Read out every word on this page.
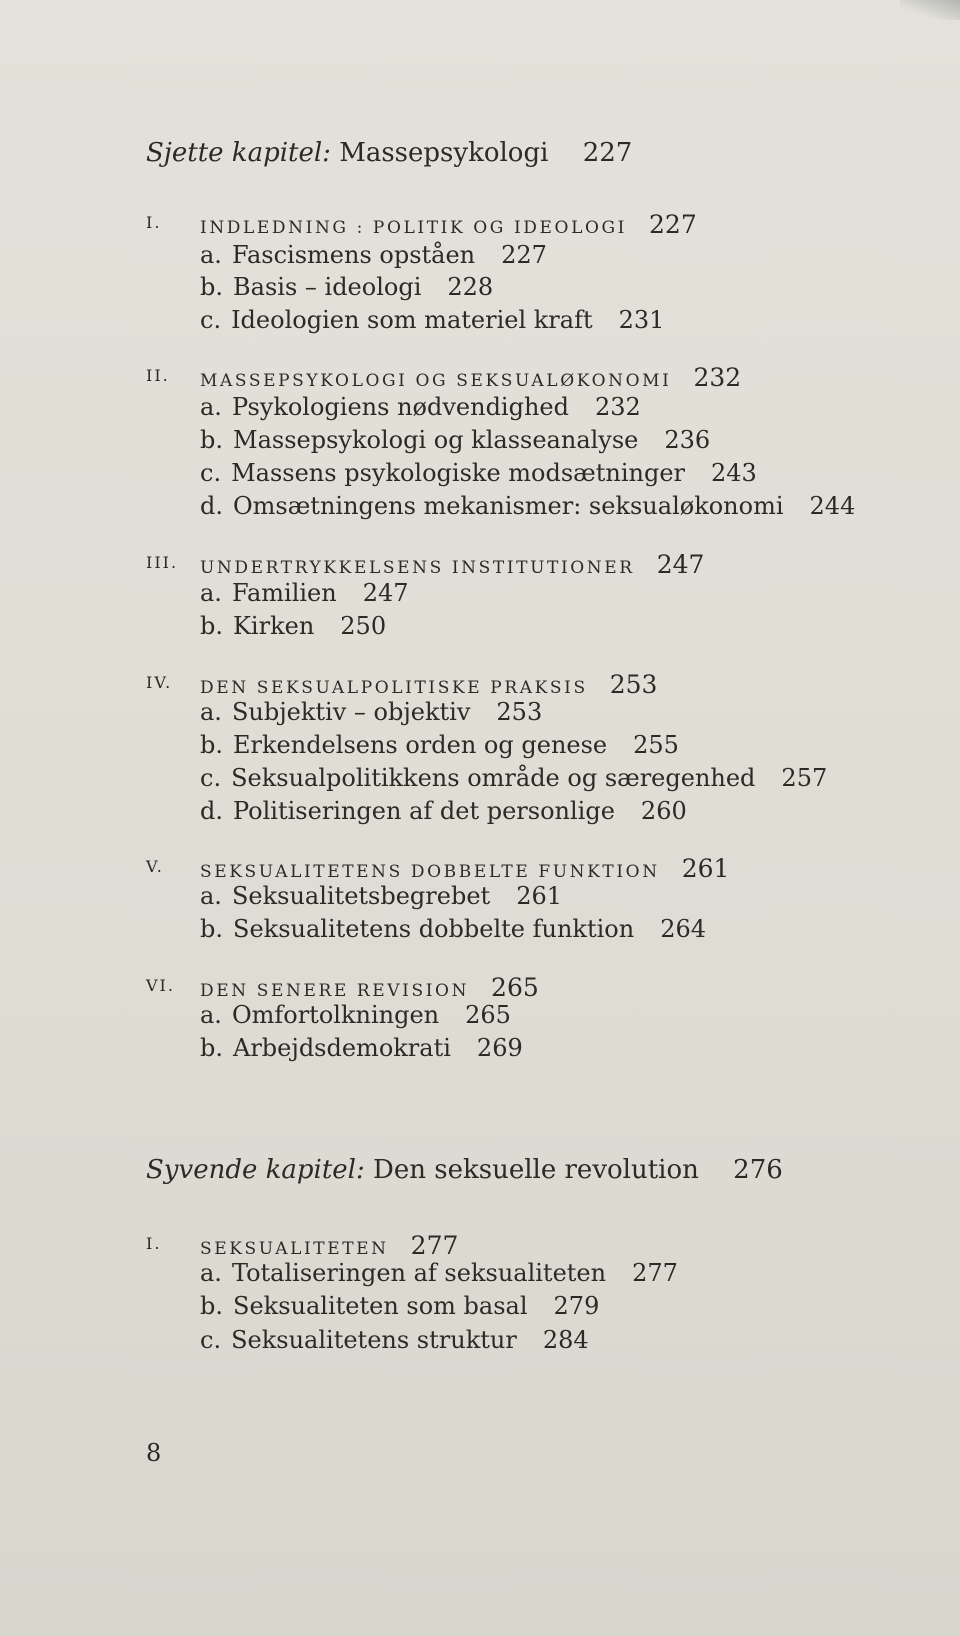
Sjette kapitel: Massepsykologi 227
I. INDLEDNING : POLITIK OG IDEOLOGI 227
a. Fascismens opståen 227
b. Basis – ideologi 228
c. Ideologien som materiel kraft 231
II. MASSEPSYKOLOGI OG SEKSUALØKONOMI 232
a. Psykologiens nødvendighed 232
b. Massepsykologi og klasseanalyse 236
c. Massens psykologiske modsætninger 243
d. Omsætningens mekanismer: seksualøkonomi 244
III. UNDERTRYKKELSENS INSTITUTIONER 247
a. Familien 247
b. Kirken 250
IV. DEN SEKSUALPOLITISKE PRAKSIS 253
a. Subjektiv – objektiv 253
b. Erkendelsens orden og genese 255
c. Seksualpolitikkens område og særegenhed 257
d. Politiseringen af det personlige 260
V. SEKSUALITETENS DOBBELTE FUNKTION 261
a. Seksualitetsbegrebet 261
b. Seksualitetens dobbelte funktion 264
VI. DEN SENERE REVISION 265
a. Omfortolkningen 265
b. Arbejdsdemokrati 269
Syvende kapitel: Den seksuelle revolution 276
I. SEKSUALITETEN 277
a. Totaliseringen af seksualiteten 277
b. Seksualiteten som basal 279
c. Seksualitetens struktur 284
8
